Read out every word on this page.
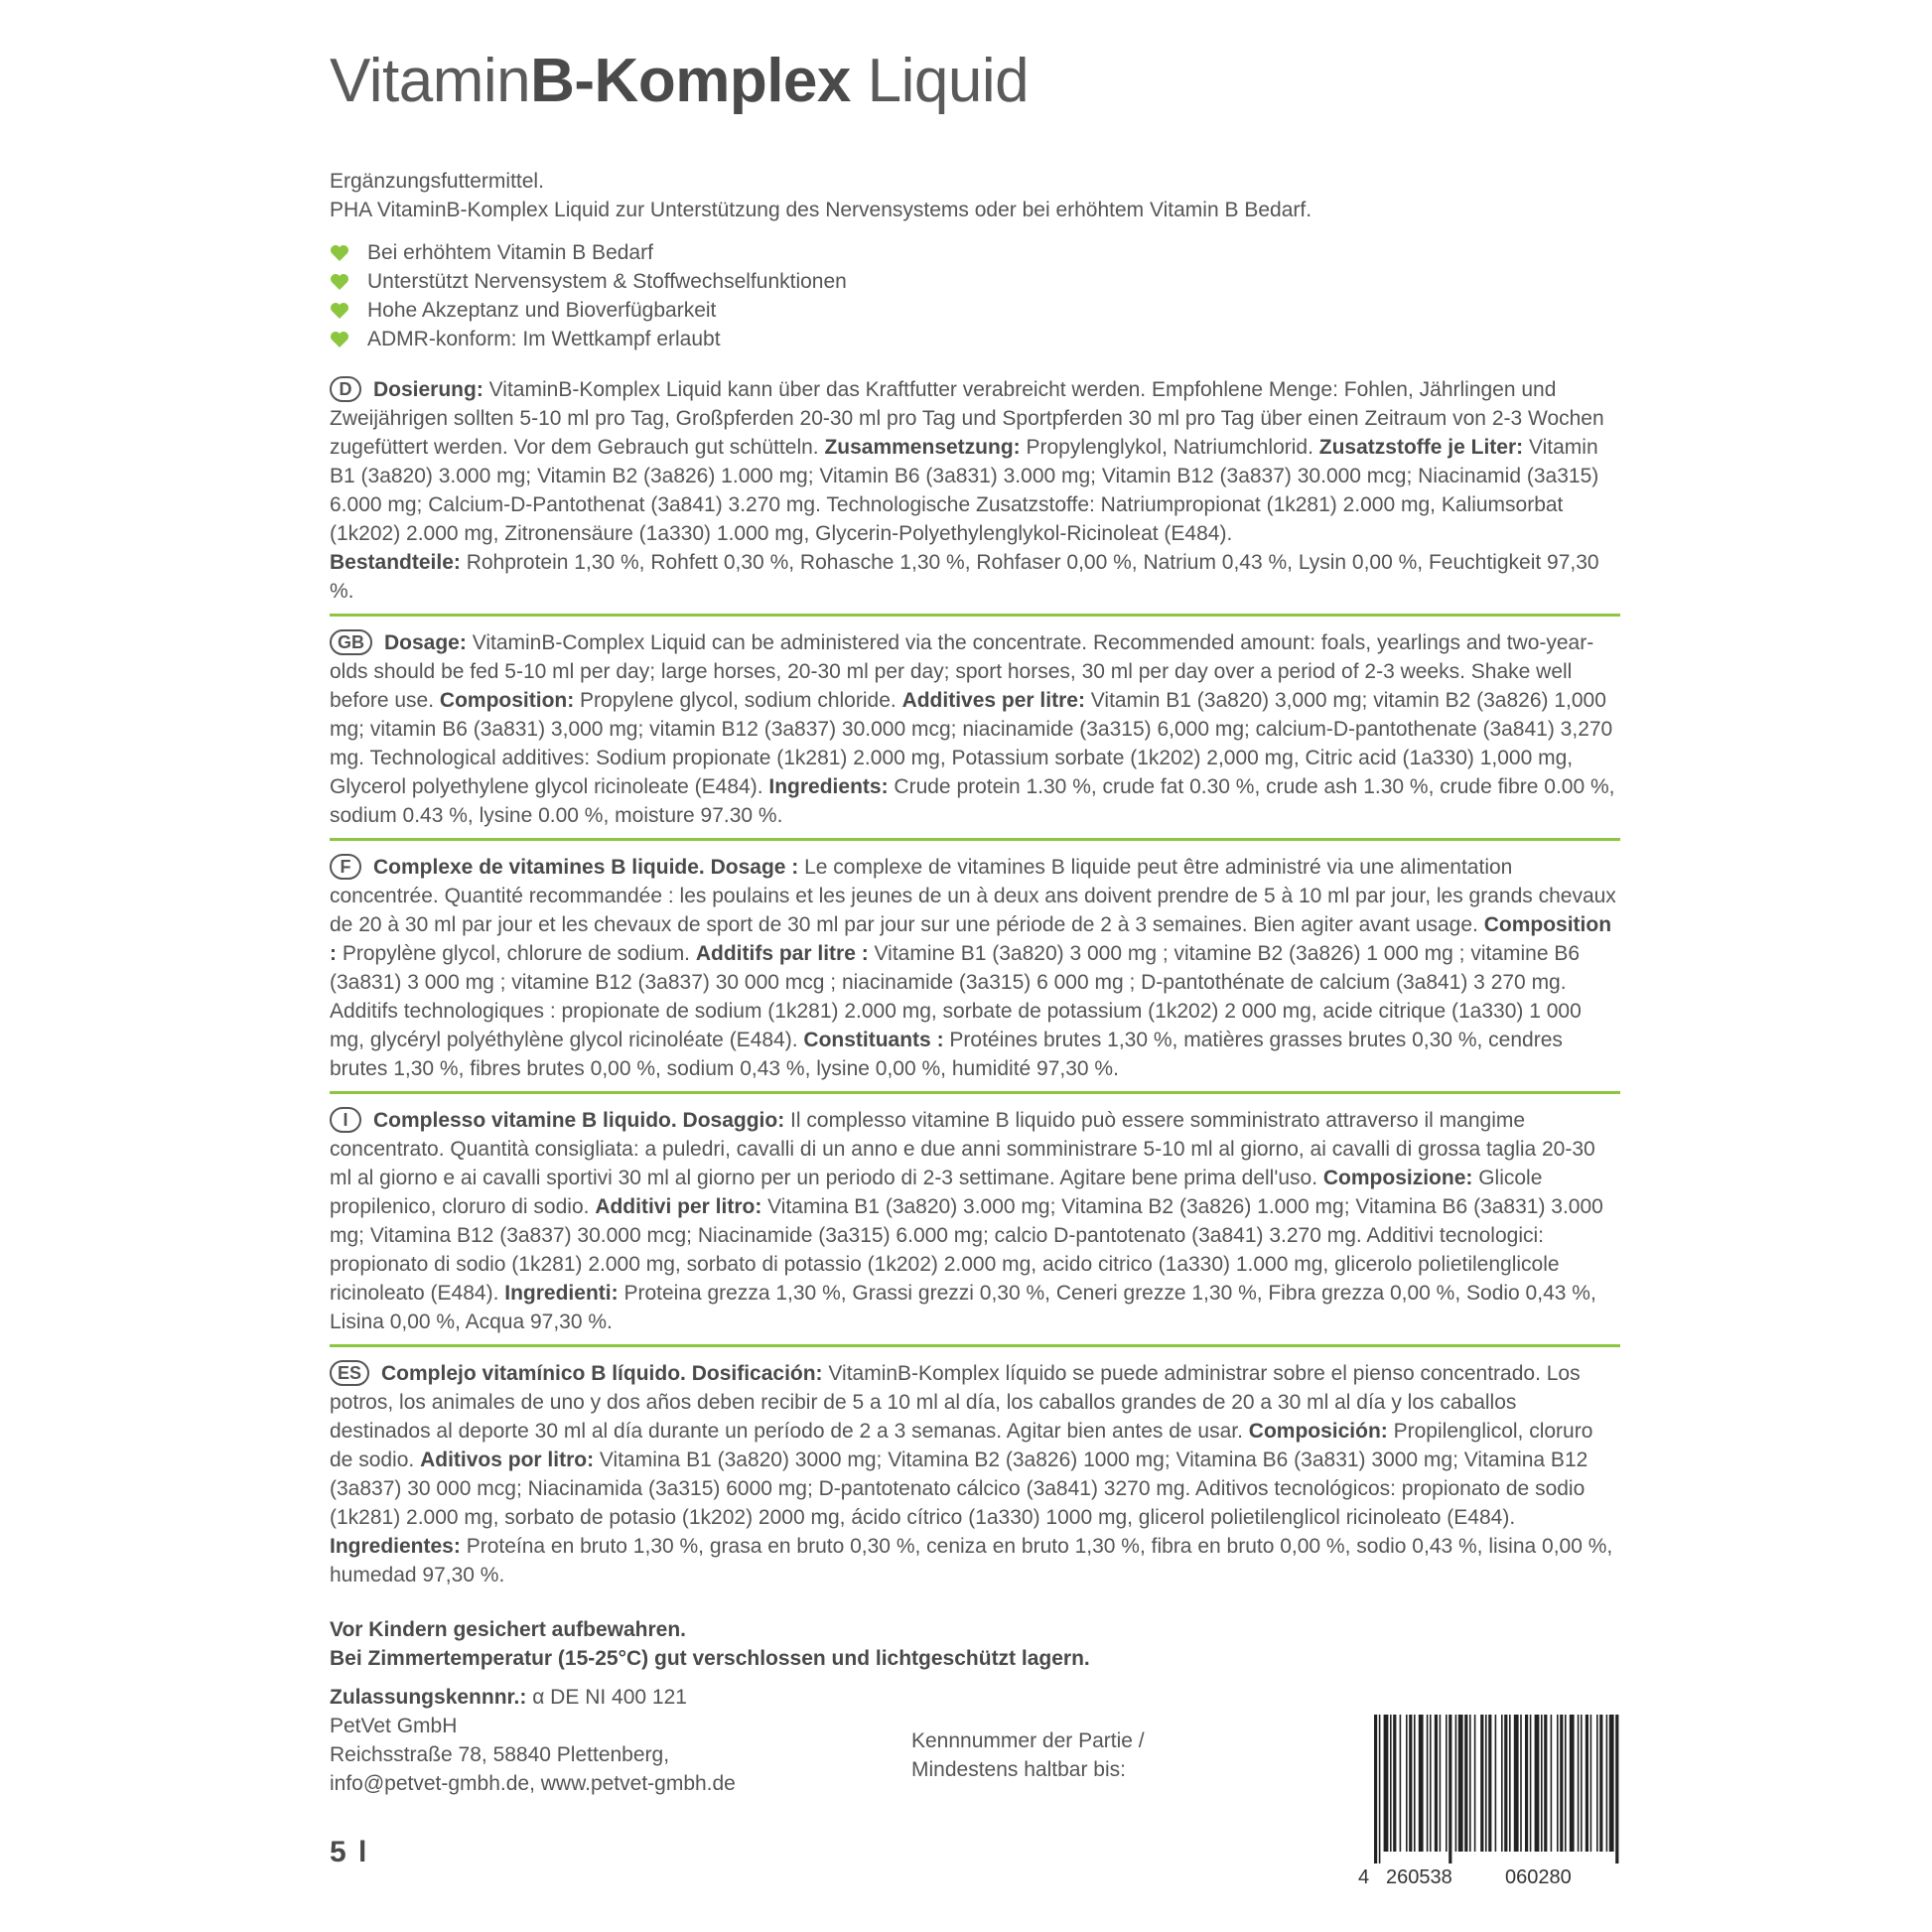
VitaminB-Komplex Liquid
Ergänzungsfuttermittel.
PHA VitaminB-Komplex Liquid zur Unterstützung des Nervensystems oder bei erhöhtem Vitamin B Bedarf.
Bei erhöhtem Vitamin B Bedarf
Unterstützt Nervensystem & Stoffwechselfunktionen
Hohe Akzeptanz und Bioverfügbarkeit
ADMR-konform: Im Wettkampf erlaubt
D Dosierung: VitaminB-Komplex Liquid kann über das Kraftfutter verabreicht werden. Empfohlene Menge: Fohlen, Jährlingen und Zweijährigen sollten 5-10 ml pro Tag, Großpferden 20-30 ml pro Tag und Sportpferden 30 ml pro Tag über einen Zeitraum von 2-3 Wochen zugefüttert werden. Vor dem Gebrauch gut schütteln. Zusammensetzung: Propylenglykol, Natriumchlorid. Zusatzstoffe je Liter: Vitamin B1 (3a820) 3.000 mg; Vitamin B2 (3a826) 1.000 mg; Vitamin B6 (3a831) 3.000 mg; Vitamin B12 (3a837) 30.000 mcg; Niacinamid (3a315) 6.000 mg; Calcium-D-Pantothenat (3a841) 3.270 mg. Technologische Zusatzstoffe: Natriumpropionat (1k281) 2.000 mg, Kaliumsorbat (1k202) 2.000 mg, Zitronensäure (1a330) 1.000 mg, Glycerin-Polyethylenglykol-Ricinoleat (E484).
Bestandteile: Rohprotein 1,30 %, Rohfett 0,30 %, Rohasche 1,30 %, Rohfaser 0,00 %, Natrium 0,43 %, Lysin 0,00 %, Feuchtigkeit 97,30 %.
GB Dosage: VitaminB-Complex Liquid can be administered via the concentrate. Recommended amount: foals, yearlings and two-year-olds should be fed 5-10 ml per day; large horses, 20-30 ml per day; sport horses, 30 ml per day over a period of 2-3 weeks. Shake well before use. Composition: Propylene glycol, sodium chloride. Additives per litre: Vitamin B1 (3a820) 3,000 mg; vitamin B2 (3a826) 1,000 mg; vitamin B6 (3a831) 3,000 mg; vitamin B12 (3a837) 30.000 mcg; niacinamide (3a315) 6,000 mg; calcium-D-pantothenate (3a841) 3,270 mg. Technological additives: Sodium propionate (1k281) 2.000 mg, Potassium sorbate (1k202) 2,000 mg, Citric acid (1a330) 1,000 mg, Glycerol polyethylene glycol ricinoleate (E484). Ingredients: Crude protein 1.30 %, crude fat 0.30 %, crude ash 1.30 %, crude fibre 0.00 %, sodium 0.43 %, lysine 0.00 %, moisture 97.30 %.
F Complexe de vitamines B liquide. Dosage : Le complexe de vitamines B liquide peut être administré via une alimentation concentrée. Quantité recommandée : les poulains et les jeunes de un à deux ans doivent prendre de 5 à 10 ml par jour, les grands chevaux de 20 à 30 ml par jour et les chevaux de sport de 30 ml par jour sur une période de 2 à 3 semaines. Bien agiter avant usage. Composition : Propylène glycol, chlorure de sodium. Additifs par litre : Vitamine B1 (3a820) 3 000 mg ; vitamine B2 (3a826) 1 000 mg ; vitamine B6 (3a831) 3 000 mg ; vitamine B12 (3a837) 30 000 mcg ; niacinamide (3a315) 6 000 mg ; D-pantothénate de calcium (3a841) 3 270 mg. Additifs technologiques : propionate de sodium (1k281) 2.000 mg, sorbate de potassium (1k202) 2 000 mg, acide citrique (1a330) 1 000 mg, glycéryl polyéthylène glycol ricinoléate (E484). Constituants : Protéines brutes 1,30 %, matières grasses brutes 0,30 %, cendres brutes 1,30 %, fibres brutes 0,00 %, sodium 0,43 %, lysine 0,00 %, humidité 97,30 %.
I Complesso vitamine B liquido. Dosaggio: Il complesso vitamine B liquido può essere somministrato attraverso il mangime concentrato. Quantità consigliata: a puledri, cavalli di un anno e due anni somministrare 5-10 ml al giorno, ai cavalli di grossa taglia 20-30 ml al giorno e ai cavalli sportivi 30 ml al giorno per un periodo di 2-3 settimane. Agitare bene prima dell'uso. Composizione: Glicole propilenico, cloruro di sodio. Additivi per litro: Vitamina B1 (3a820) 3.000 mg; Vitamina B2 (3a826) 1.000 mg; Vitamina B6 (3a831) 3.000 mg; Vitamina B12 (3a837) 30.000 mcg; Niacinamide (3a315) 6.000 mg; calcio D-pantotenato (3a841) 3.270 mg. Additivi tecnologici: propionato di sodio (1k281) 2.000 mg, sorbato di potassio (1k202) 2.000 mg, acido citrico (1a330) 1.000 mg, glicerolo polietilenglicole ricinoleato (E484). Ingredienti: Proteina grezza 1,30 %, Grassi grezzi 0,30 %, Ceneri grezze 1,30 %, Fibra grezza 0,00 %, Sodio 0,43 %, Lisina 0,00 %, Acqua 97,30 %.
ES Complejo vitamínico B líquido. Dosificación: VitaminB-Komplex líquido se puede administrar sobre el pienso concentrado. Los potros, los animales de uno y dos años deben recibir de 5 a 10 ml al día, los caballos grandes de 20 a 30 ml al día y los caballos destinados al deporte 30 ml al día durante un período de 2 a 3 semanas. Agitar bien antes de usar. Composición: Propilenglicol, cloruro de sodio. Aditivos por litro: Vitamina B1 (3a820) 3000 mg; Vitamina B2 (3a826) 1000 mg; Vitamina B6 (3a831) 3000 mg; Vitamina B12 (3a837) 30 000 mcg; Niacinamida (3a315) 6000 mg; D-pantotenato cálcico (3a841) 3270 mg. Aditivos tecnológicos: propionato de sodio (1k281) 2.000 mg, sorbato de potasio (1k202) 2000 mg, ácido cítrico (1a330) 1000 mg, glicerol polietilenglicol ricinoleato (E484). Ingredientes: Proteína en bruto 1,30 %, grasa en bruto 0,30 %, ceniza en bruto 1,30 %, fibra en bruto 0,00 %, sodio 0,43 %, lisina 0,00 %, humedad 97,30 %.
Vor Kindern gesichert aufbewahren.
Bei Zimmertemperatur (15-25°C) gut verschlossen und lichtgeschützt lagern.
Zulassungskennnr.: α DE NI 400 121
PetVet GmbH
Reichsstraße 78, 58840 Plettenberg,
info@petvet-gmbh.de, www.petvet-gmbh.de
5 l
Kennnummer der Partie /
Mindestens haltbar bis:
4 260538	060280
